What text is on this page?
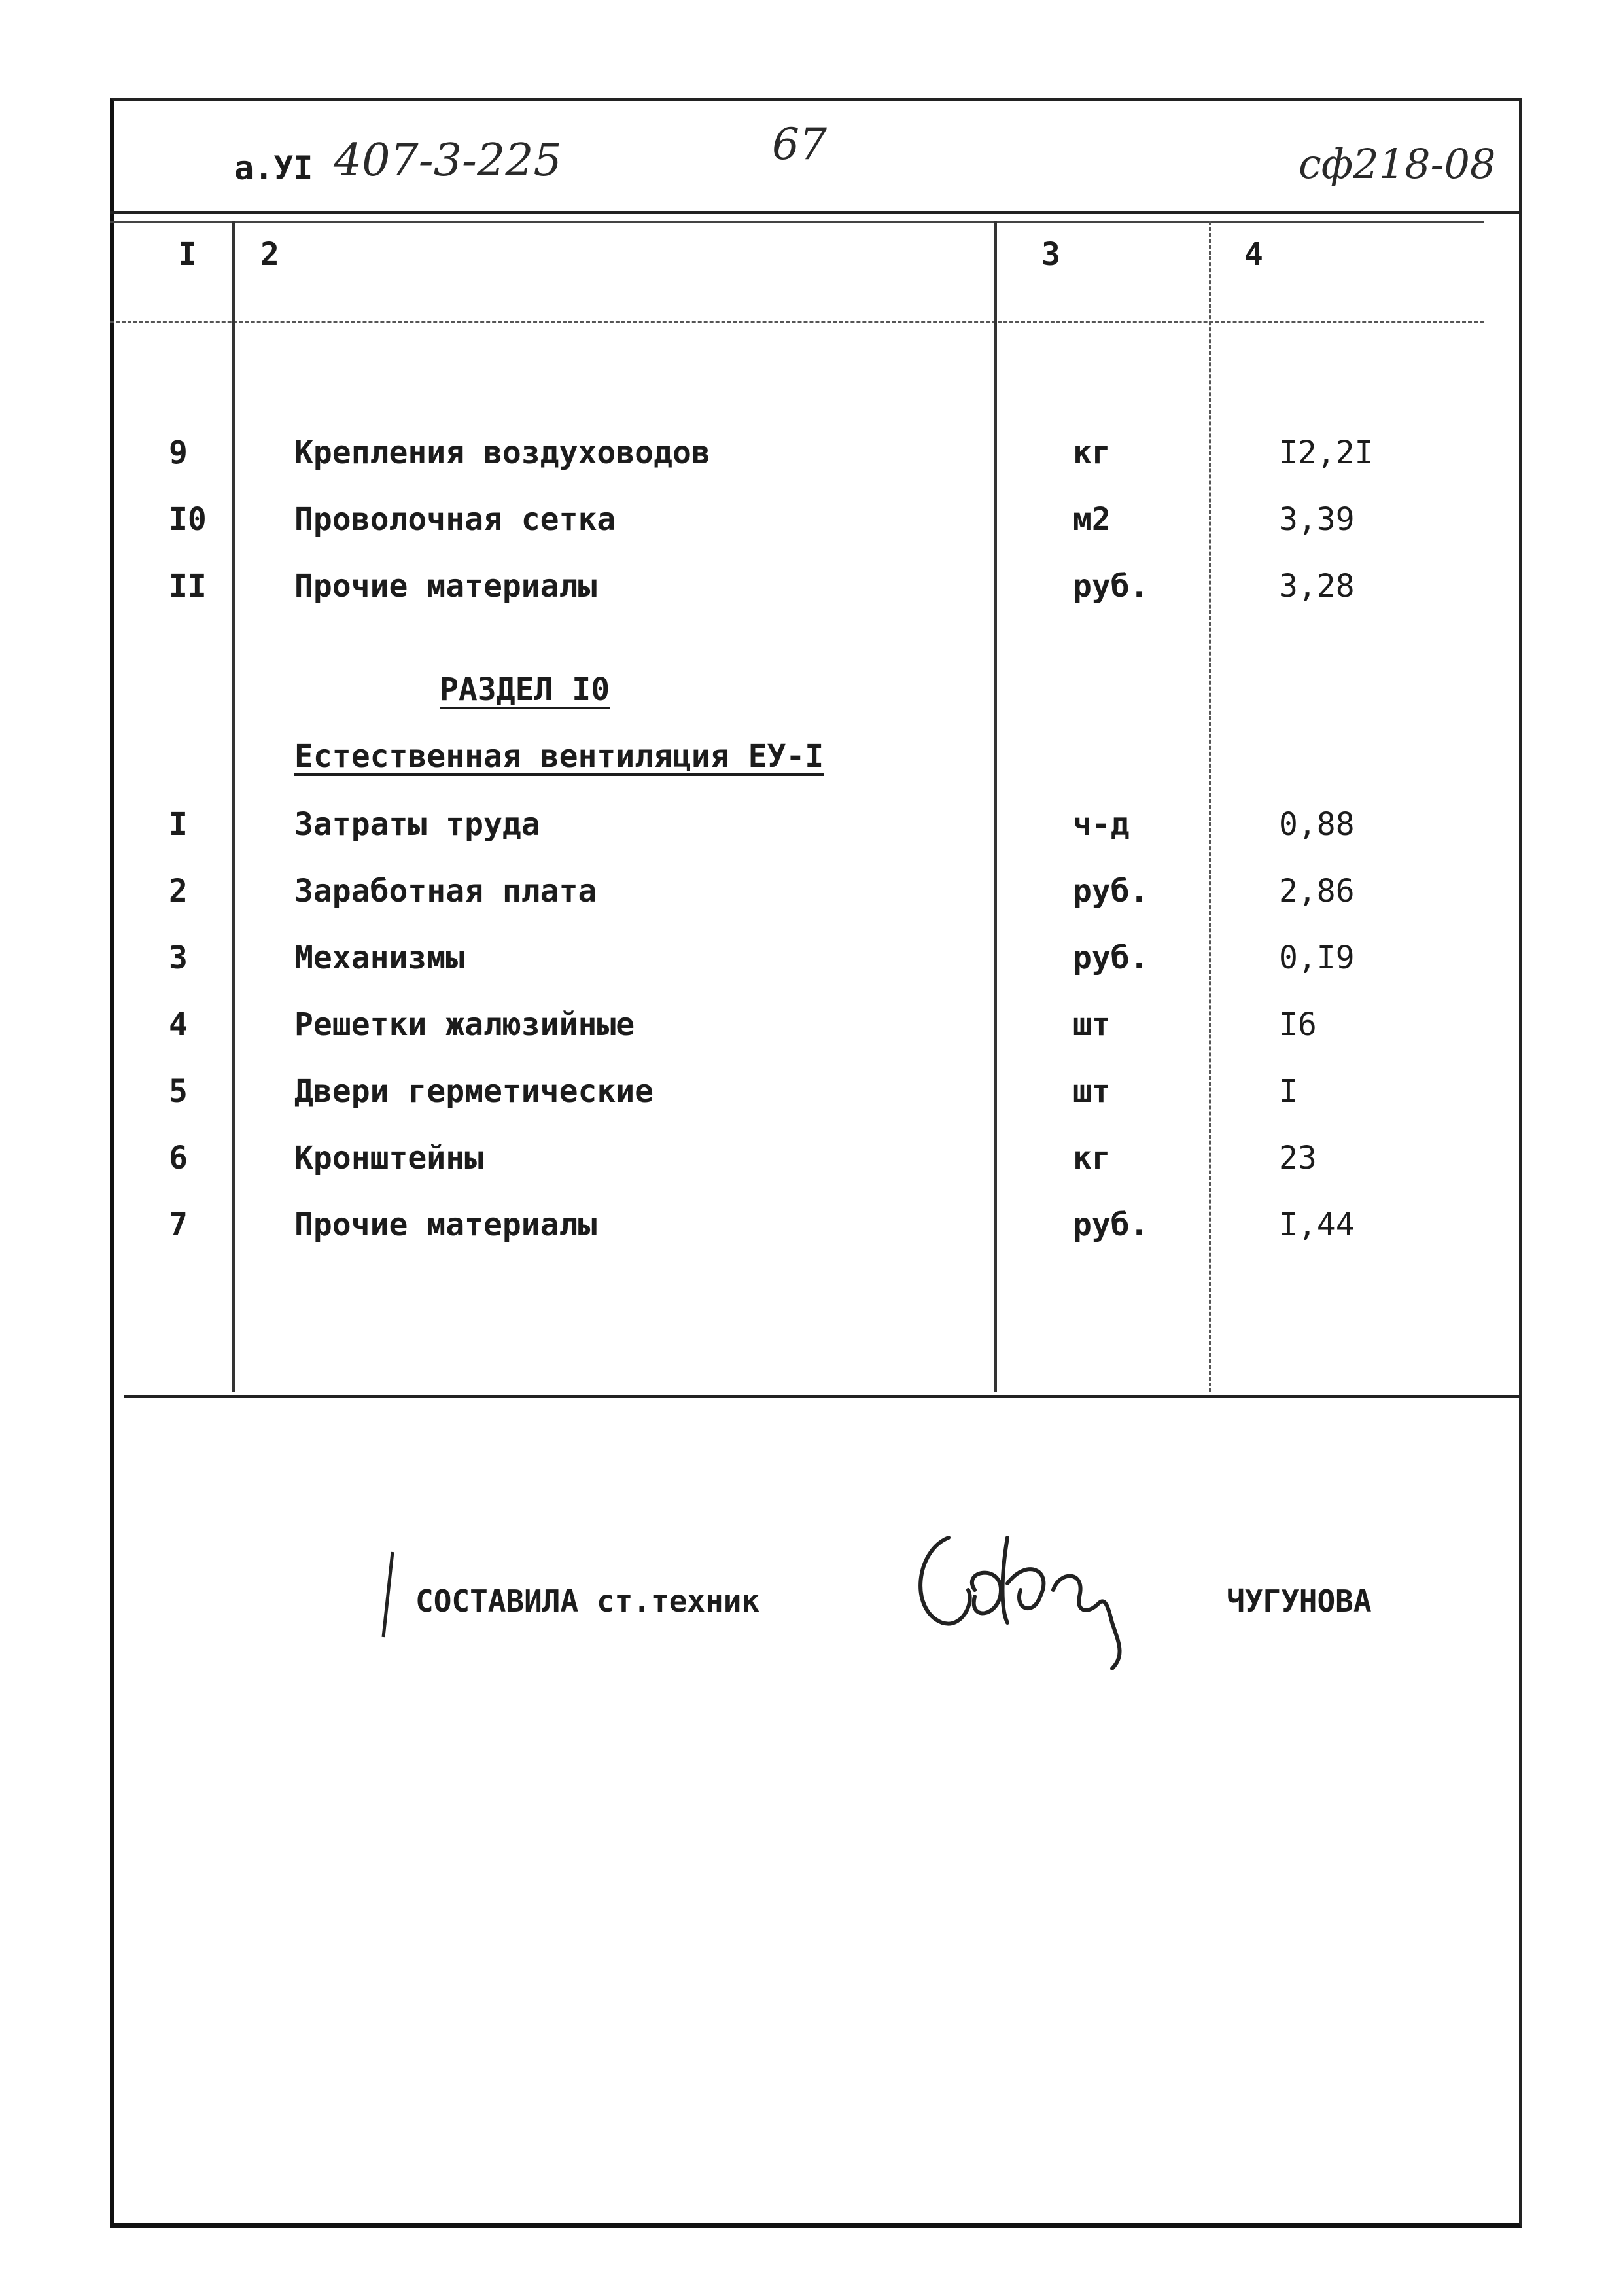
а.УI 407-3-225	67	сф218-08
I 2	3	4
9	Крепления воздуховодов	кг	I2,2I
I0	Проволочная сетка	м2	3,39
II	Прочие материалы	руб.	3,28
РАЗДЕЛ I0
Естественная вентиляция ЕУ-I
I	Затраты труда	ч-д	0,88
2	Заработная плата	руб.	2,86
3	Механизмы	руб.	0,I9
4	Решетки жалюзийные	шт	I6
5	Двери герметические	шт	I
6	Кронштейны	кг	23
7	Прочие материалы	руб.	I,44
СОСТАВИЛА ст.техник	ЧУГУНОВА
